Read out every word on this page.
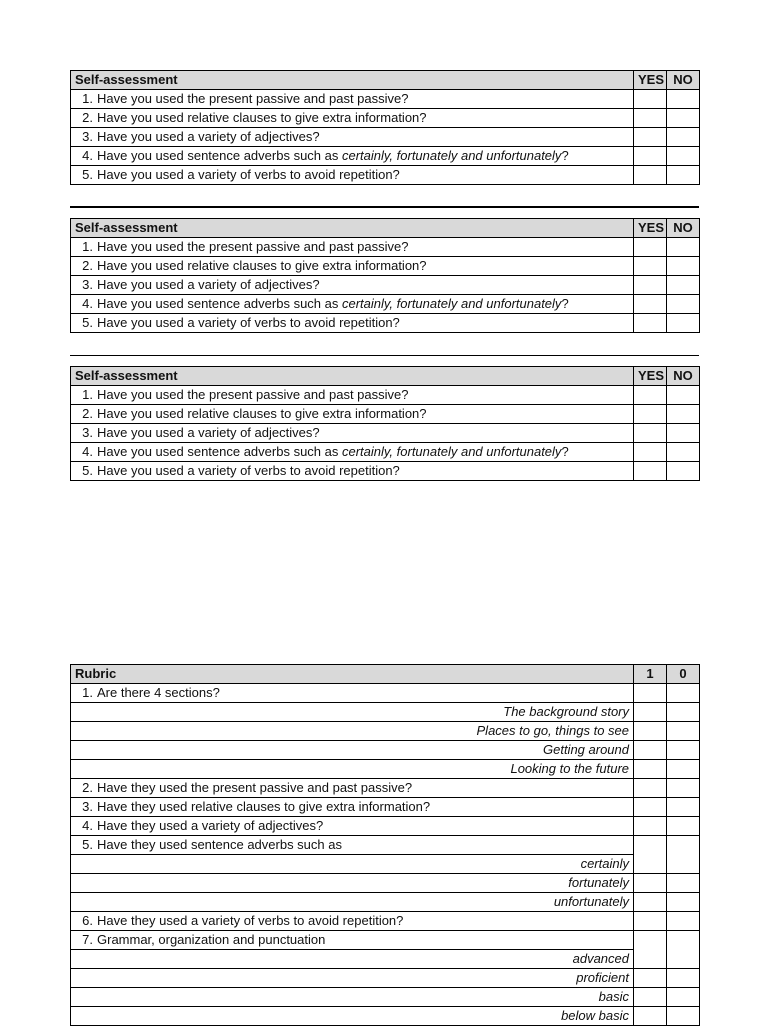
Self-assessment	YES	NO
1. Have you used the present passive and past passive?		
2. Have you used relative clauses to give extra information?		
3. Have you used a variety of adjectives?		
4. Have you used sentence adverbs such as certainly, fortunately and unfortunately?		
5. Have you used a variety of verbs to avoid repetition?		
Self-assessment	YES	NO
1. Have you used the present passive and past passive?		
2. Have you used relative clauses to give extra information?		
3. Have you used a variety of adjectives?		
4. Have you used sentence adverbs such as certainly, fortunately and unfortunately?		
5. Have you used a variety of verbs to avoid repetition?		
Self-assessment	YES	NO
1. Have you used the present passive and past passive?		
2. Have you used relative clauses to give extra information?		
3. Have you used a variety of adjectives?		
4. Have you used sentence adverbs such as certainly, fortunately and unfortunately?		
5. Have you used a variety of verbs to avoid repetition?		
Rubric	1	0
1. Are there 4 sections?		
The background story		
Places to go, things to see		
Getting around		
Looking to the future		
2. Have they used the present passive and past passive?		
3. Have they used relative clauses to give extra information?		
4. Have they used a variety of adjectives?		
5. Have they used sentence adverbs such as		
certainly		
fortunately		
unfortunately		
6. Have they used a variety of verbs to avoid repetition?		
7. Grammar, organization and punctuation		
advanced		
proficient		
basic		
below basic		
